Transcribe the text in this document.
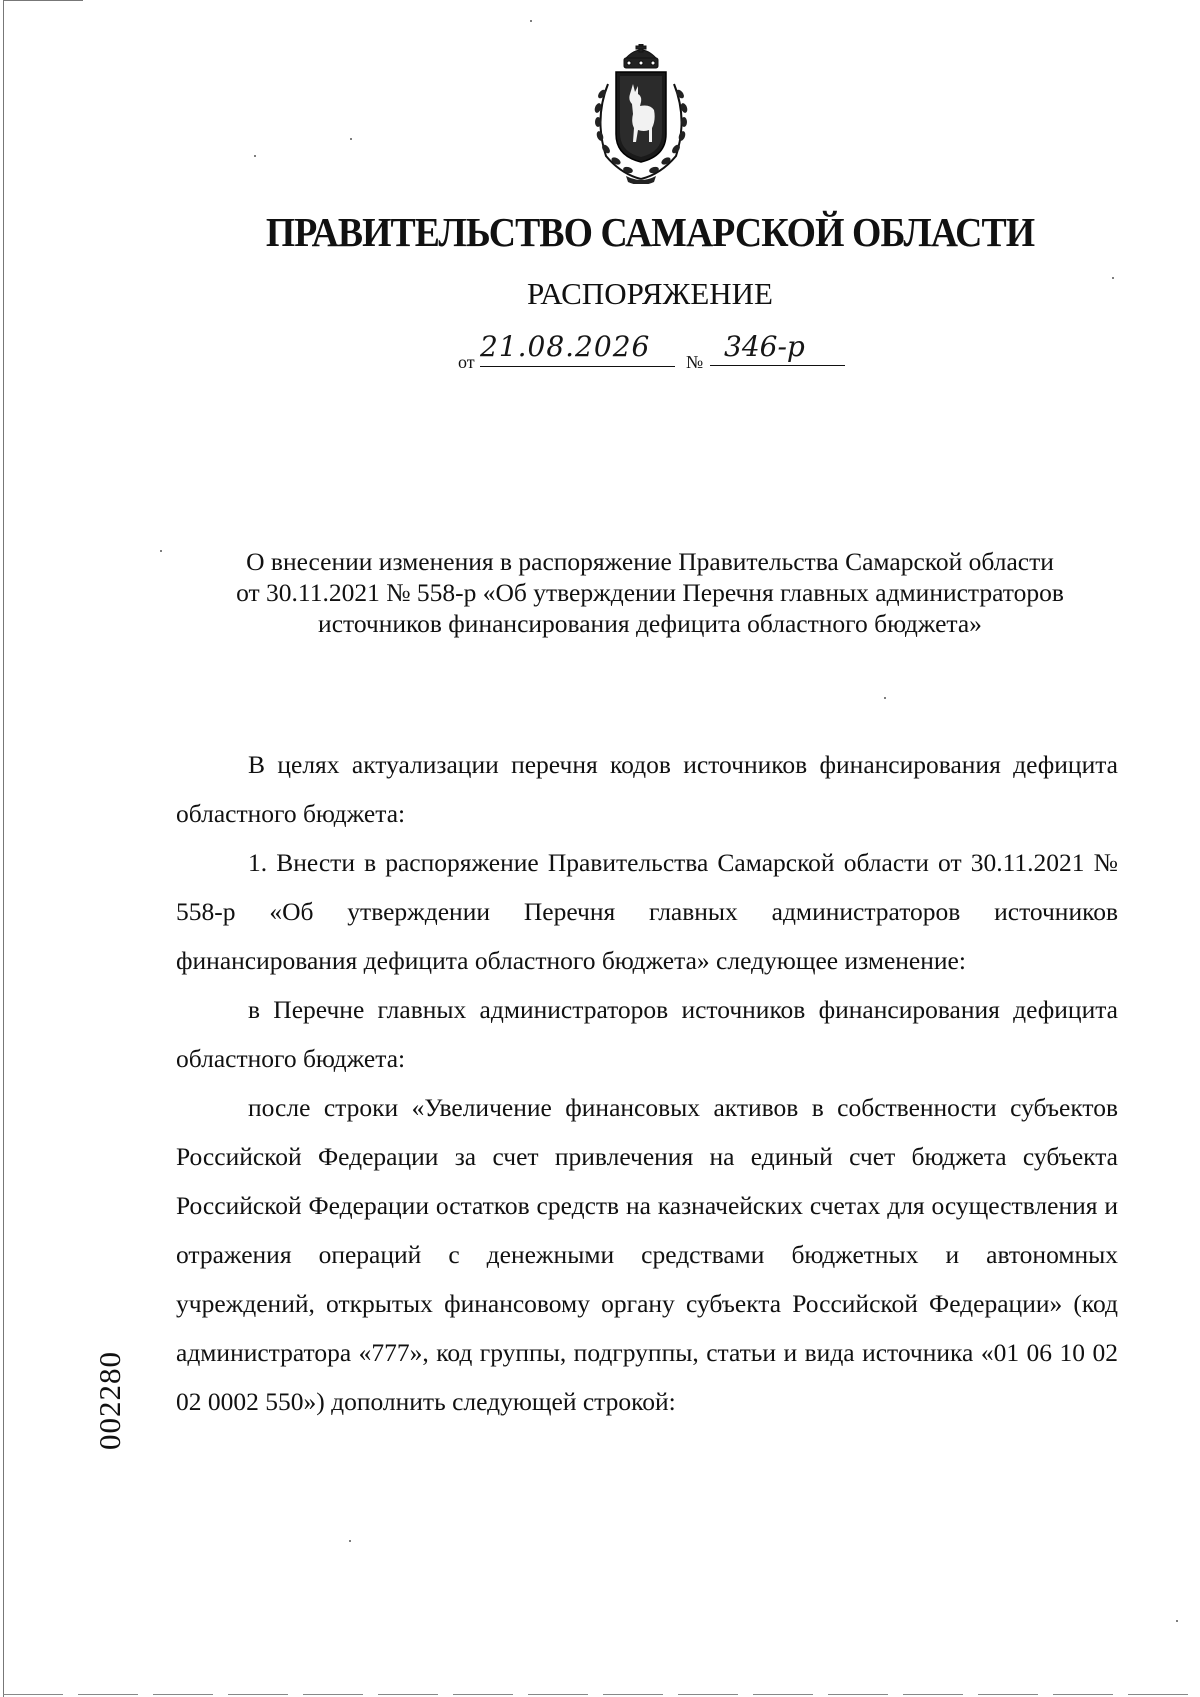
ПРАВИТЕЛЬСТВО САМАРСКОЙ ОБЛАСТИ
РАСПОРЯЖЕНИЕ
от 21.08.2026	№ 346-р
О внесении изменения в распоряжение Правительства Самарской области
от 30.11.2021 № 558-р «Об утверждении Перечня главных администраторов
источников финансирования дефицита областного бюджета»

В целях актуализации перечня кодов источников финансирования дефицита областного бюджета:

1. Внести в распоряжение Правительства Самарской области от 30.11.2021 № 558-р «Об утверждении Перечня главных администраторов источников финансирования дефицита областного бюджета» следующее изменение:

в Перечне главных администраторов источников финансирования дефицита областного бюджета:

после строки «Увеличение финансовых активов в собственности субъектов Российской Федерации за счет привлечения на единый счет бюджета субъекта Российской Федерации остатков средств на казначейских счетах для осуществления и отражения операций с денежными средствами бюджетных и автономных учреждений, открытых финансовому органу субъекта Российской Федерации» (код администратора «777», код группы, подгруппы, статьи и вида источника «01 06 10 02 02 0002 550») дополнить следующей строкой:

002280
